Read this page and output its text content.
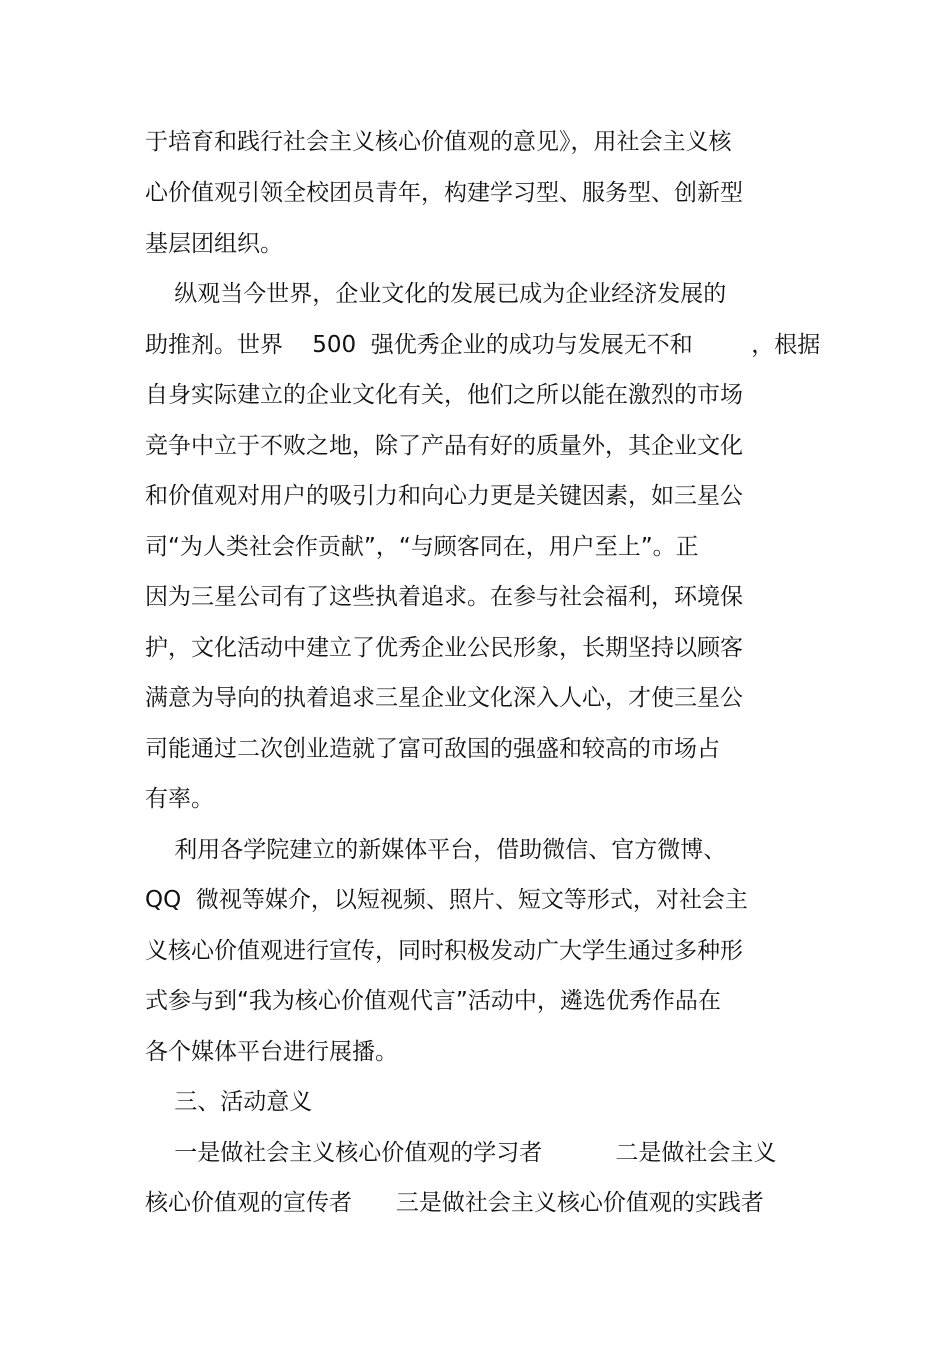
于培育和践行社会主义核心价值观的意见》，用社会主义核
心价值观引领全校团员青年，构建学习型、服务型、创新型
基层团组织。
纵观当今世界，企业文化的发展已成为企业经济发展的
助推剂。世界    500  强优秀企业的成功与发展无不和        ，根据
自身实际建立的企业文化有关，他们之所以能在激烈的市场
竞争中立于不败之地，除了产品有好的质量外，其企业文化
和价值观对用户的吸引力和向心力更是关键因素，如三星公
司“为人类社会作贡献”，“与顾客同在，用户至上”。正
因为三星公司有了这些执着追求。在参与社会福利，环境保
护，文化活动中建立了优秀企业公民形象，长期坚持以顾客
满意为导向的执着追求三星企业文化深入人心，才使三星公
司能通过二次创业造就了富可敌国的强盛和较高的市场占
有率。
利用各学院建立的新媒体平台，借助微信、官方微博、
QQ  微视等媒介，以短视频、照片、短文等形式，对社会主
义核心价值观进行宣传，同时积极发动广大学生通过多种形
式参与到“我为核心价值观代言”活动中，遴选优秀作品在
各个媒体平台进行展播。
三、活动意义
一是做社会主义核心价值观的学习者          二是做社会主义
核心价值观的宣传者      三是做社会主义核心价值观的实践者
